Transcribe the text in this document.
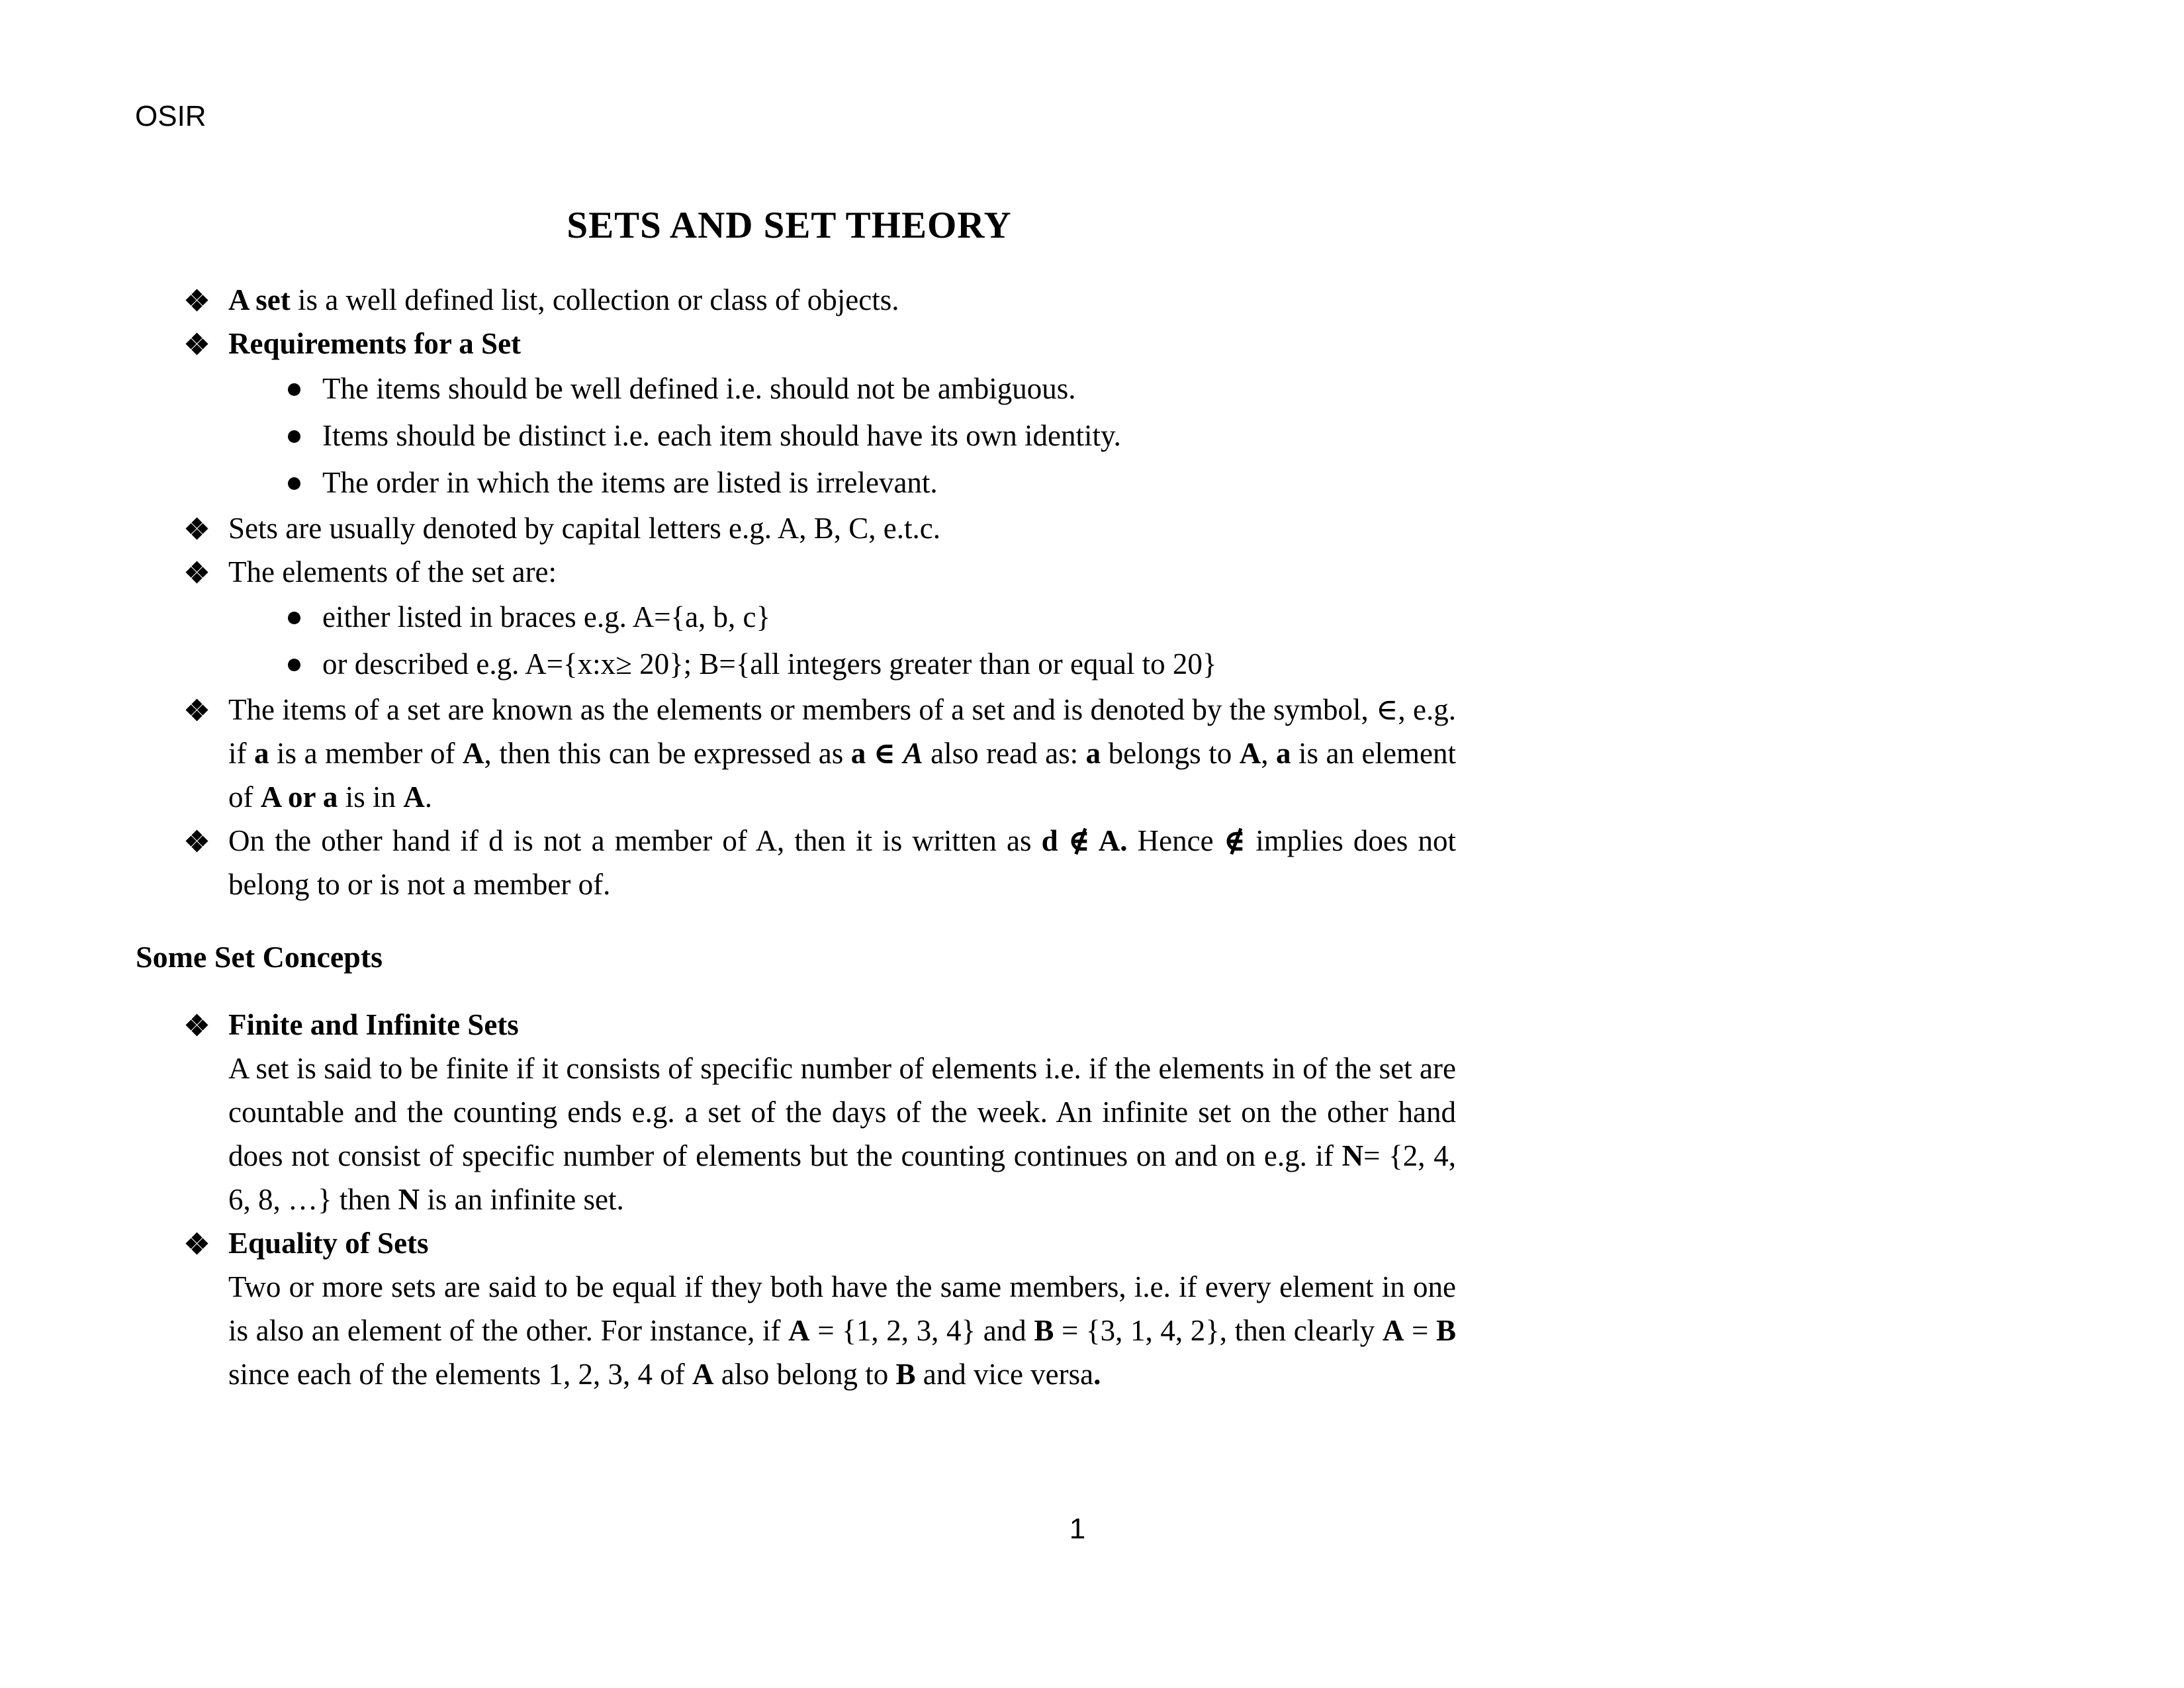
OSIR
SETS AND SET THEORY
A set is a well defined list, collection or class of objects.
Requirements for a Set
The items should be well defined i.e. should not be ambiguous.
Items should be distinct i.e. each item should have its own identity.
The order in which the items are listed is irrelevant.
Sets are usually denoted by capital letters e.g. A, B, C, e.t.c.
The elements of the set are:
either listed in braces e.g. A={a, b, c}
or described e.g. A={x:x≥ 20}; B={all integers greater than or equal to 20}
The items of a set are known as the elements or members of a set and is denoted by the symbol, ∈, e.g. if a is a member of A, then this can be expressed as a ∈ A also read as: a belongs to A, a is an element of A or a is in A.
On the other hand if d is not a member of A, then it is written as d ∉ A. Hence ∉ implies does not belong to or is not a member of.
Some Set Concepts
Finite and Infinite Sets
A set is said to be finite if it consists of specific number of elements i.e. if the elements in of the set are countable and the counting ends e.g. a set of the days of the week. An infinite set on the other hand does not consist of specific number of elements but the counting continues on and on e.g. if N= {2, 4, 6, 8, …} then N is an infinite set.
Equality of Sets
Two or more sets are said to be equal if they both have the same members, i.e. if every element in one is also an element of the other. For instance, if A = {1, 2, 3, 4} and B = {3, 1, 4, 2}, then clearly A = B since each of the elements 1, 2, 3, 4 of A also belong to B and vice versa.
1
